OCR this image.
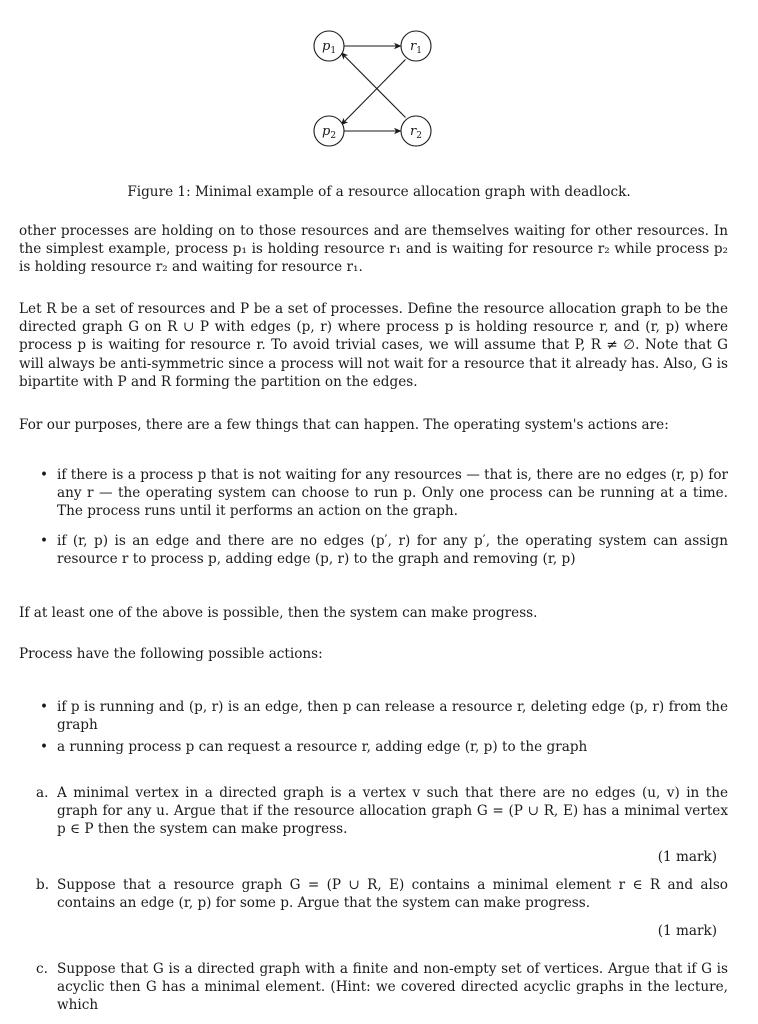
$p_1$	$r_1$
$p_2$	$r_2$
Figure 1: Minimal example of a resource allocation graph with deadlock.

other processes are holding on to those resources and are themselves waiting for other resources. In the simplest example, process p₁ is holding resource r₁ and is waiting for resource r₂ while process p₂ is holding resource r₂ and waiting for resource r₁.

Let R be a set of resources and P be a set of processes. Define the resource allocation graph to be the directed graph G on R ∪ P with edges (p, r) where process p is holding resource r, and (r, p) where process p is waiting for resource r. To avoid trivial cases, we will assume that P, R ≠ ∅. Note that G will always be anti-symmetric since a process will not wait for a resource that it already has. Also, G is bipartite with P and R forming the partition on the edges.

For our purposes, there are a few things that can happen. The operating system's actions are:

• if there is a process p that is not waiting for any resources — that is, there are no edges (r, p) for any r — the operating system can choose to run p. Only one process can be running at a time. The process runs until it performs an action on the graph.
• if (r, p) is an edge and there are no edges (p′, r) for any p′, the operating system can assign resource r to process p, adding edge (p, r) to the graph and removing (r, p)

If at least one of the above is possible, then the system can make progress.

Process have the following possible actions:

• if p is running and (p, r) is an edge, then p can release a resource r, deleting edge (p, r) from the graph
• a running process p can request a resource r, adding edge (r, p) to the graph
a. A minimal vertex in a directed graph is a vertex v such that there are no edges (u, v) in the graph for any u. Argue that if the resource allocation graph G = (P ∪ R, E) has a minimal vertex p ∈ P then the system can make progress.
(1 mark)
b. Suppose that a resource graph G = (P ∪ R, E) contains a minimal element r ∈ R and also contains an edge (r, p) for some p. Argue that the system can make progress.
(1 mark)
c. Suppose that G is a directed graph with a finite and non-empty set of vertices. Argue that if G is acyclic then G has a minimal element. (Hint: we covered directed acyclic graphs in the lecture, which
